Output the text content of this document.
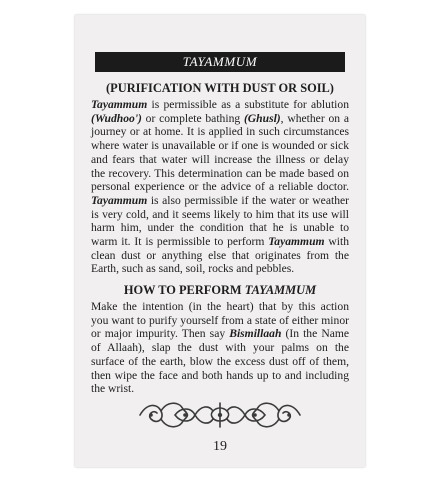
TAYAMMUM
(PURIFICATION WITH DUST OR SOIL)
Tayammum is permissible as a substitute for ablution
(Wudhoo') or complete bathing (Ghusl), whether on a
journey or at home. It is applied in such circumstances
where water is unavailable or if one is wounded or sick
and fears that water will increase the illness or delay
the recovery. This determination can be made based on
personal experience or the advice of a reliable doctor.
Tayammum is also permissible if the water or weather
is very cold, and it seems likely to him that its use will
harm him, under the condition that he is unable to
warm it. It is permissible to perform Tayammum with
clean dust or anything else that originates from the
Earth, such as sand, soil, rocks and pebbles.
HOW TO PERFORM TAYAMMUM
Make the intention (in the heart) that by this action
you want to purify yourself from a state of either minor
or major impurity. Then say Bismillaah (In the Name
of Allaah), slap the dust with your palms on the
surface of the earth, blow the excess dust off of them,
then wipe the face and both hands up to and including
the wrist.
19
